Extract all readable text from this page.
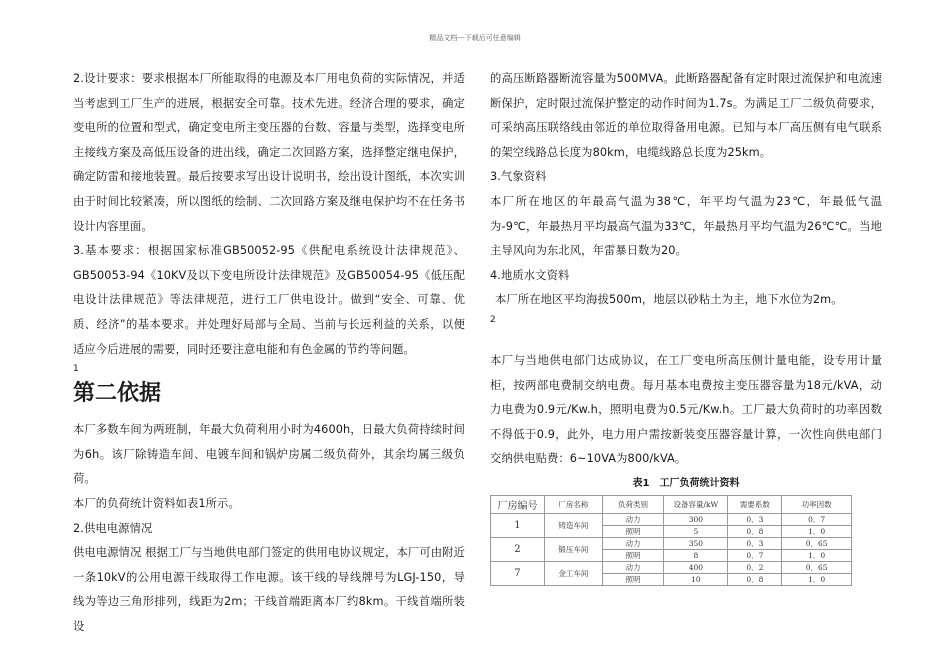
精品文档---下载后可任意编辑

2.设计要求：要求根据本厂所能取得的电源及本厂用电负荷的实际情况，并适当考虑到工厂生产的进展，根据安全可靠。技术先进。经济合理的要求，确定变电所的位置和型式，确定变电所主变压器的台数、容量与类型，选择变电所主接线方案及高低压设备的进出线，确定二次回路方案，选择整定继电保护，确定防雷和接地装置。最后按要求写出设计说明书，绘出设计图纸，本次实训由于时间比较紧凑，所以图纸的绘制、二次回路方案及继电保护均不在任务书设计内容里面。

3.基本要求：根据国家标准GB50052-95《供配电系统设计法律规范》、GB50053-94《10KV及以下变电所设计法律规范》及GB50054-95《低压配电设计法律规范》等法律规范，进行工厂供电设计。做到“安全、可靠、优质、经济”的基本要求。并处理好局部与全局、当前与长远利益的关系，以便适应今后进展的需要，同时还要注意电能和有色金属的节约等问题。

1

第二依据

本厂多数车间为两班制，年最大负荷利用小时为4600h，日最大负荷持续时间为6h。该厂除铸造车间、电镀车间和锅炉房属二级负荷外，其余均属三级负荷。

本厂的负荷统计资料如表1所示。

2.供电电源情况

供电电源情况 根据工厂与当地供电部门签定的供用电协议规定，本厂可由附近一条10kV的公用电源干线取得工作电源。该干线的导线牌号为LGJ-150，导线为等边三角形排列，线距为2m；干线首端距离本厂约8km。干线首端所装设

的高压断路器断流容量为500MVA。此断路器配备有定时限过流保护和电流速断保护，定时限过流保护整定的动作时间为1.7s。为满足工厂二级负荷要求，可采纳高压联络线由邻近的单位取得备用电源。已知与本厂高压侧有电气联系的架空线路总长度为80km，电缆线路总长度为25km。

3.气象资料

本厂所在地区的年最高气温为38℃，年平均气温为23℃，年最低气温为-9℃，年最热月平均最高气温为33℃，年最热月平均气温为26℃℃。当地主导风向为东北风，年雷暴日数为20。

4.地质水文资料

本厂所在地区平均海拔500m，地层以砂粘土为主，地下水位为2m。

2

本厂与当地供电部门达成协议，在工厂变电所高压侧计量电能，设专用计量柜，按两部电费制交纳电费。每月基本电费按主变压器容量为18元/kVA，动力电费为0.9元/Kw.h，照明电费为0.5元/Kw.h。工厂最大负荷时的功率因数不得低于0.9，此外，电力用户需按新装变压器容量计算，一次性向供电部门交纳供电贴费：6~10VA为800/kVA。

表1　工厂负荷统计资料
厂房编号	厂房名称	负荷类别	设备容量/kW	需要系数	功率因数
1	铸造车间	动力	300	0．3	0．7
		照明	5	0．8	1．0
2	锻压车间	动力	350	0．3	0．65
		照明	8	0．7	1．0
7	金工车间	动力	400	0．2	0．65
		照明	10	0．8	1．0
